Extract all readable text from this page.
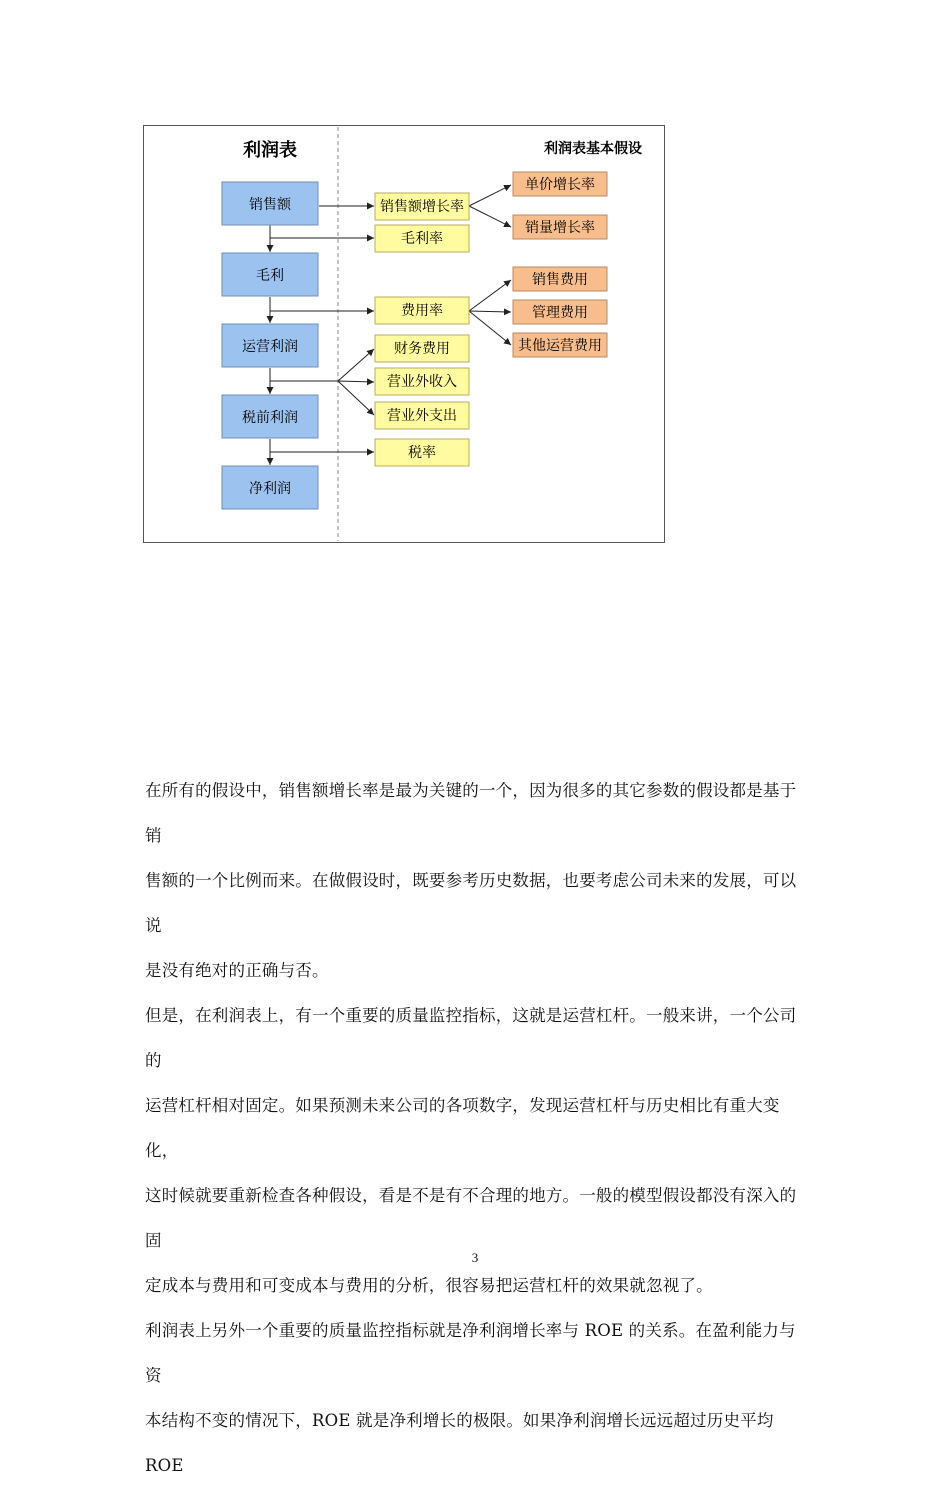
利润表	利润表基本假设
销售额
毛利
运营利润
税前利润
净利润
销售额增长率
毛利率
费用率
财务费用
营业外收入
营业外支出
税率
单价增长率
销量增长率
销售费用
管理费用
其他运营费用

在所有的假设中，销售额增长率是最为关键的一个，因为很多的其它参数的假设都是基于销
售额的一个比例而来。在做假设时，既要参考历史数据，也要考虑公司未来的发展，可以说
是没有绝对的正确与否。

但是，在利润表上，有一个重要的质量监控指标，这就是运营杠杆。一般来讲，一个公司的
运营杠杆相对固定。如果预测未来公司的各项数字，发现运营杠杆与历史相比有重大变化，
这时候就要重新检查各种假设，看是不是有不合理的地方。一般的模型假设都没有深入的固
定成本与费用和可变成本与费用的分析，很容易把运营杠杆的效果就忽视了。

利润表上另外一个重要的质量监控指标就是净利润增长率与 ROE 的关系。在盈利能力与资
本结构不变的情况下，ROE 就是净利增长的极限。如果净利润增长远远超过历史平均 ROE

3
